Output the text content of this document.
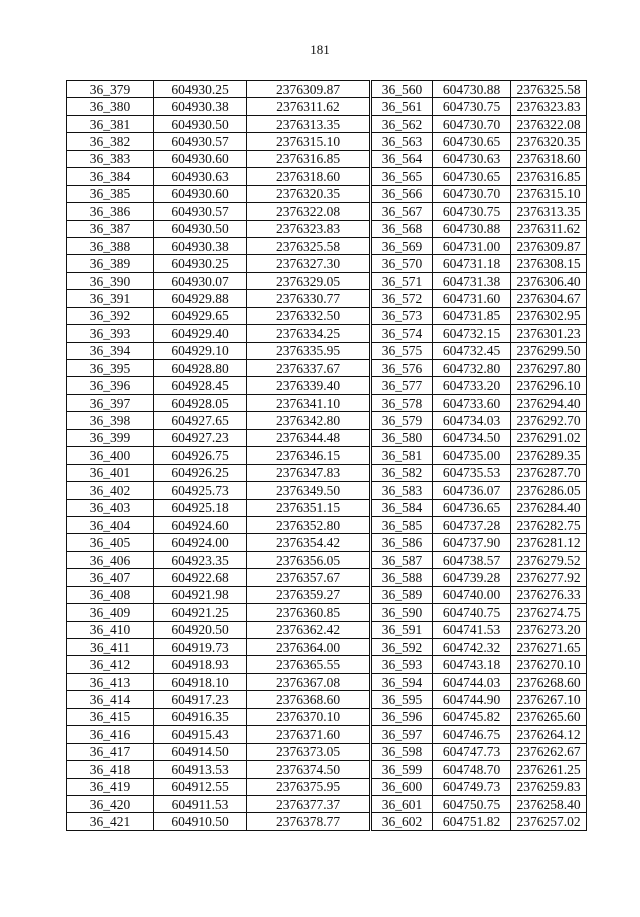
181
36_379	604930.25	2376309.87	36_560	604730.88	2376325.58
36_380	604930.38	2376311.62	36_561	604730.75	2376323.83
36_381	604930.50	2376313.35	36_562	604730.70	2376322.08
36_382	604930.57	2376315.10	36_563	604730.65	2376320.35
36_383	604930.60	2376316.85	36_564	604730.63	2376318.60
36_384	604930.63	2376318.60	36_565	604730.65	2376316.85
36_385	604930.60	2376320.35	36_566	604730.70	2376315.10
36_386	604930.57	2376322.08	36_567	604730.75	2376313.35
36_387	604930.50	2376323.83	36_568	604730.88	2376311.62
36_388	604930.38	2376325.58	36_569	604731.00	2376309.87
36_389	604930.25	2376327.30	36_570	604731.18	2376308.15
36_390	604930.07	2376329.05	36_571	604731.38	2376306.40
36_391	604929.88	2376330.77	36_572	604731.60	2376304.67
36_392	604929.65	2376332.50	36_573	604731.85	2376302.95
36_393	604929.40	2376334.25	36_574	604732.15	2376301.23
36_394	604929.10	2376335.95	36_575	604732.45	2376299.50
36_395	604928.80	2376337.67	36_576	604732.80	2376297.80
36_396	604928.45	2376339.40	36_577	604733.20	2376296.10
36_397	604928.05	2376341.10	36_578	604733.60	2376294.40
36_398	604927.65	2376342.80	36_579	604734.03	2376292.70
36_399	604927.23	2376344.48	36_580	604734.50	2376291.02
36_400	604926.75	2376346.15	36_581	604735.00	2376289.35
36_401	604926.25	2376347.83	36_582	604735.53	2376287.70
36_402	604925.73	2376349.50	36_583	604736.07	2376286.05
36_403	604925.18	2376351.15	36_584	604736.65	2376284.40
36_404	604924.60	2376352.80	36_585	604737.28	2376282.75
36_405	604924.00	2376354.42	36_586	604737.90	2376281.12
36_406	604923.35	2376356.05	36_587	604738.57	2376279.52
36_407	604922.68	2376357.67	36_588	604739.28	2376277.92
36_408	604921.98	2376359.27	36_589	604740.00	2376276.33
36_409	604921.25	2376360.85	36_590	604740.75	2376274.75
36_410	604920.50	2376362.42	36_591	604741.53	2376273.20
36_411	604919.73	2376364.00	36_592	604742.32	2376271.65
36_412	604918.93	2376365.55	36_593	604743.18	2376270.10
36_413	604918.10	2376367.08	36_594	604744.03	2376268.60
36_414	604917.23	2376368.60	36_595	604744.90	2376267.10
36_415	604916.35	2376370.10	36_596	604745.82	2376265.60
36_416	604915.43	2376371.60	36_597	604746.75	2376264.12
36_417	604914.50	2376373.05	36_598	604747.73	2376262.67
36_418	604913.53	2376374.50	36_599	604748.70	2376261.25
36_419	604912.55	2376375.95	36_600	604749.73	2376259.83
36_420	604911.53	2376377.37	36_601	604750.75	2376258.40
36_421	604910.50	2376378.77	36_602	604751.82	2376257.02
